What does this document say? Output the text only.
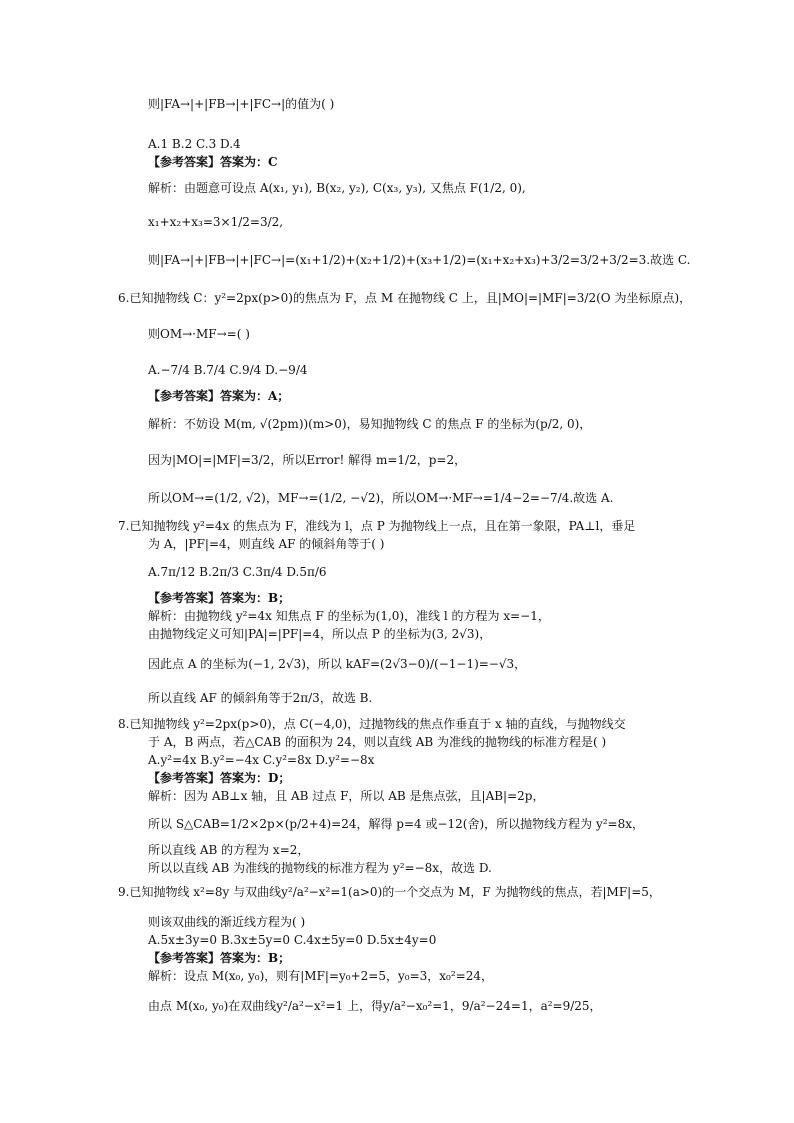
则|FA→|+|FB→|+|FC→|的值为( )
A.1 B.2 C.3 D.4
【参考答案】答案为：C
解析：由题意可设点 A(x₁, y₁), B(x₂, y₂), C(x₃, y₃), 又焦点 F(1/2, 0),
x₁+x₂+x₃=3×1/2=3/2,
则|FA→|+|FB→|+|FC→|=(x₁+1/2)+(x₂+1/2)+(x₃+1/2)=(x₁+x₂+x₃)+3/2=3/2+3/2=3.故选 C.
6.已知抛物线 C：y²=2px(p>0)的焦点为 F，点 M 在抛物线 C 上，且|MO|=|MF|=3/2(O 为坐标原点)，
则OM→·MF→=( )
A.−7/4 B.7/4 C.9/4 D.−9/4
【参考答案】答案为：A；
解析：不妨设 M(m, √(2pm))(m>0)，易知抛物线 C 的焦点 F 的坐标为(p/2, 0)，
因为|MO|=|MF|=3/2，所以Error! 解得 m=1/2，p=2，
所以OM→=(1/2, √2)，MF→=(1/2, −√2)，所以OM→·MF→=1/4−2=−7/4.故选 A.
7.已知抛物线 y²=4x 的焦点为 F，准线为 l，点 P 为抛物线上一点，且在第一象限，PA⊥l，垂足
为 A，|PF|=4，则直线 AF 的倾斜角等于( )
A.7π/12 B.2π/3 C.3π/4 D.5π/6
【参考答案】答案为：B；
解析：由抛物线 y²=4x 知焦点 F 的坐标为(1,0)，准线 l 的方程为 x=−1，
由抛物线定义可知|PA|=|PF|=4，所以点 P 的坐标为(3, 2√3)，
因此点 A 的坐标为(−1, 2√3)，所以 kAF=(2√3−0)/(−1−1)=−√3，
所以直线 AF 的倾斜角等于2π/3，故选 B.
8.已知抛物线 y²=2px(p>0)，点 C(−4,0)，过抛物线的焦点作垂直于 x 轴的直线，与抛物线交
于 A，B 两点，若△CAB 的面积为 24，则以直线 AB 为准线的抛物线的标准方程是( )
A.y²=4x B.y²=−4x C.y²=8x D.y²=−8x
【参考答案】答案为：D；
解析：因为 AB⊥x 轴，且 AB 过点 F，所以 AB 是焦点弦，且|AB|=2p，
所以 S△CAB=1/2×2p×(p/2+4)=24，解得 p=4 或−12(舍)，所以抛物线方程为 y²=8x，
所以直线 AB 的方程为 x=2，
所以以直线 AB 为准线的抛物线的标准方程为 y²=−8x，故选 D.
9.已知抛物线 x²=8y 与双曲线y²/a²−x²=1(a>0)的一个交点为 M，F 为抛物线的焦点，若|MF|=5，
则该双曲线的渐近线方程为( )
A.5x±3y=0 B.3x±5y=0 C.4x±5y=0 D.5x±4y=0
【参考答案】答案为：B；
解析：设点 M(x₀, y₀)，则有|MF|=y₀+2=5，y₀=3，x₀²=24，
由点 M(x₀, y₀)在双曲线y²/a²−x²=1 上，得y/a²−x₀²=1，9/a²−24=1，a²=9/25，
